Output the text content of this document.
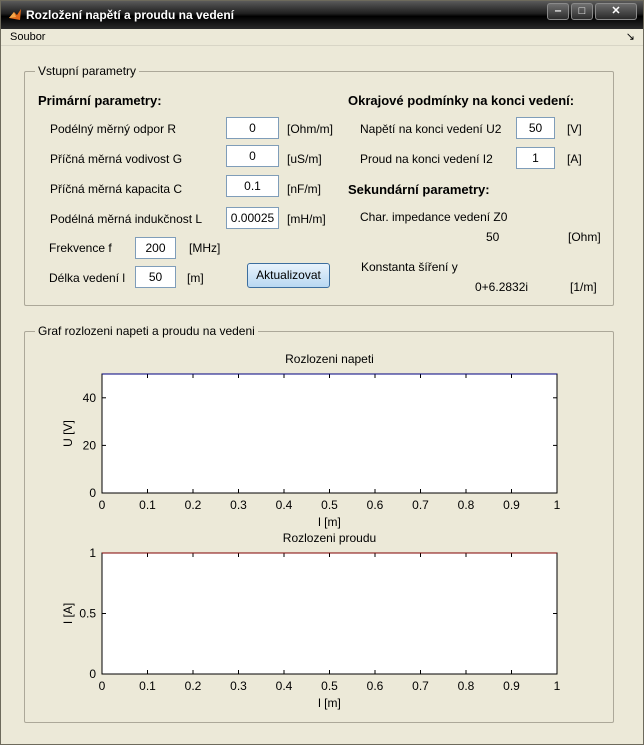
Rozložení napětí a proudu na vedení	‒	□	✕
Soubor	↘
Vstupní parametry
Primární parametry:
Podélný měrný odpor R	0	[Ohm/m]
Příčná měrná vodivost G	0	[uS/m]
Příčná měrná kapacita C	0.1	[nF/m]
Podélná měrná indukčnost L	0.00025	[mH/m]
Frekvence f	200	[MHz]
Délka vedení l	50	[m]	Aktualizovat
Okrajové podmínky na konci vedení:
Napětí na konci vedení U2	50	[V]
Proud na konci vedení I2	1	[A]
Sekundární parametry:
Char. impedance vedení Z0
50	[Ohm]
Konstanta šíření y
0+6.2832i	[1/m]
Graf rozlozeni napeti a proudu na vedeni
Rozlozeni napeti
0	0.1 0.2 0.3 0.4 0.5 0.6 0.7 0.8 0.9	1
0
20
40
l [m]
U [V]
Rozlozeni proudu
0	0.1 0.2 0.3 0.4 0.5 0.6 0.7 0.8 0.9	1
0
0.5
1
l [m]
I [A]
